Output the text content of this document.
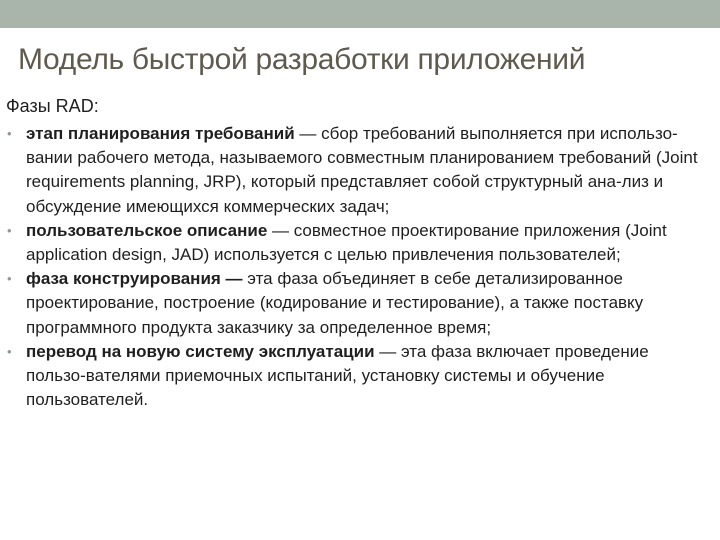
Модель быстрой разработки приложений

Фазы RAD:

• этап планирования требований — сбор требований выполняется при использо-вании рабочего метода, называемого совместным планированием требований (Joint requirements planning, JRP), который представляет собой структурный ана-лиз и обсуждение имеющихся коммерческих задач;
• пользовательское описание — совместное проектирование приложения (Joint application design, JAD) используется с целью привлечения пользователей;
• фаза конструирования — эта фаза объединяет в себе детализированное проектирование, построение (кодирование и тестирование), а также поставку программного продукта заказчику за определенное время;
• перевод на новую систему эксплуатации — эта фаза включает проведение пользо-вателями приемочных испытаний, установку системы и обучение пользователей.
